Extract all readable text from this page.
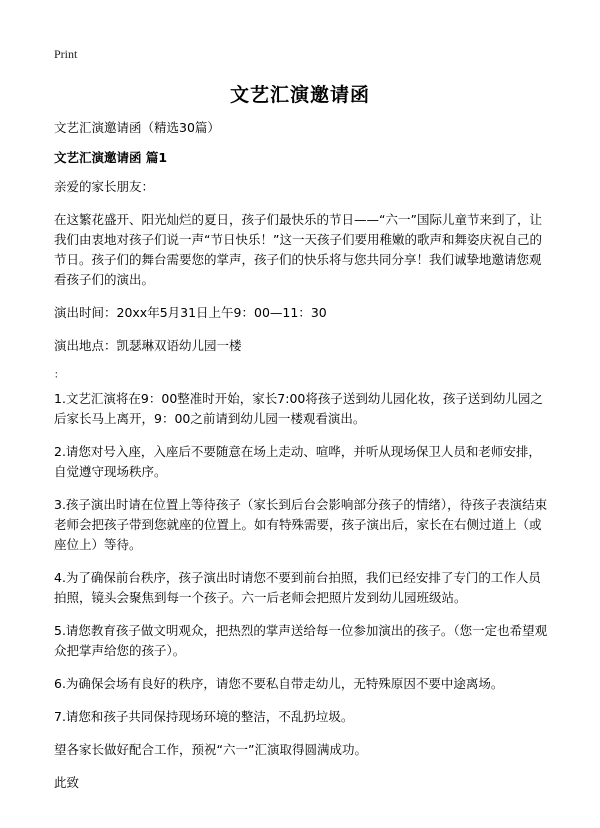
Print
文艺汇演邀请函

文艺汇演邀请函（精选30篇）

文艺汇演邀请函 篇1

亲爱的家长朋友：

在这繁花盛开、阳光灿烂的夏日，孩子们最快乐的节日——“六一”国际儿童节来到了，让我们由衷地对孩子们说一声“节日快乐！”这一天孩子们要用稚嫩的歌声和舞姿庆祝自己的节日。孩子们的舞台需要您的掌声，孩子们的快乐将与您共同分享！我们诚挚地邀请您观看孩子们的演出。

演出时间：20xx年5月31日上午9：00—11：30

演出地点：凯瑟琳双语幼儿园一楼

：

1.文艺汇演将在9：00整准时开始，家长7:00将孩子送到幼儿园化妆，孩子送到幼儿园之后家长马上离开，9：00之前请到幼儿园一楼观看演出。

2.请您对号入座，入座后不要随意在场上走动、喧哗，并听从现场保卫人员和老师安排，自觉遵守现场秩序。

3.孩子演出时请在位置上等待孩子（家长到后台会影响部分孩子的情绪），待孩子表演结束老师会把孩子带到您就座的位置上。如有特殊需要，孩子演出后，家长在右侧过道上（或座位上）等待。

4.为了确保前台秩序，孩子演出时请您不要到前台拍照，我们已经安排了专门的工作人员拍照，镜头会聚焦到每一个孩子。六一后老师会把照片发到幼儿园班级站。

5.请您教育孩子做文明观众，把热烈的掌声送给每一位参加演出的孩子。（您一定也希望观众把掌声给您的孩子）。

6.为确保会场有良好的秩序，请您不要私自带走幼儿，无特殊原因不要中途离场。

7.请您和孩子共同保持现场环境的整洁，不乱扔垃圾。

望各家长做好配合工作，预祝“六一”汇演取得圆满成功。

此致
